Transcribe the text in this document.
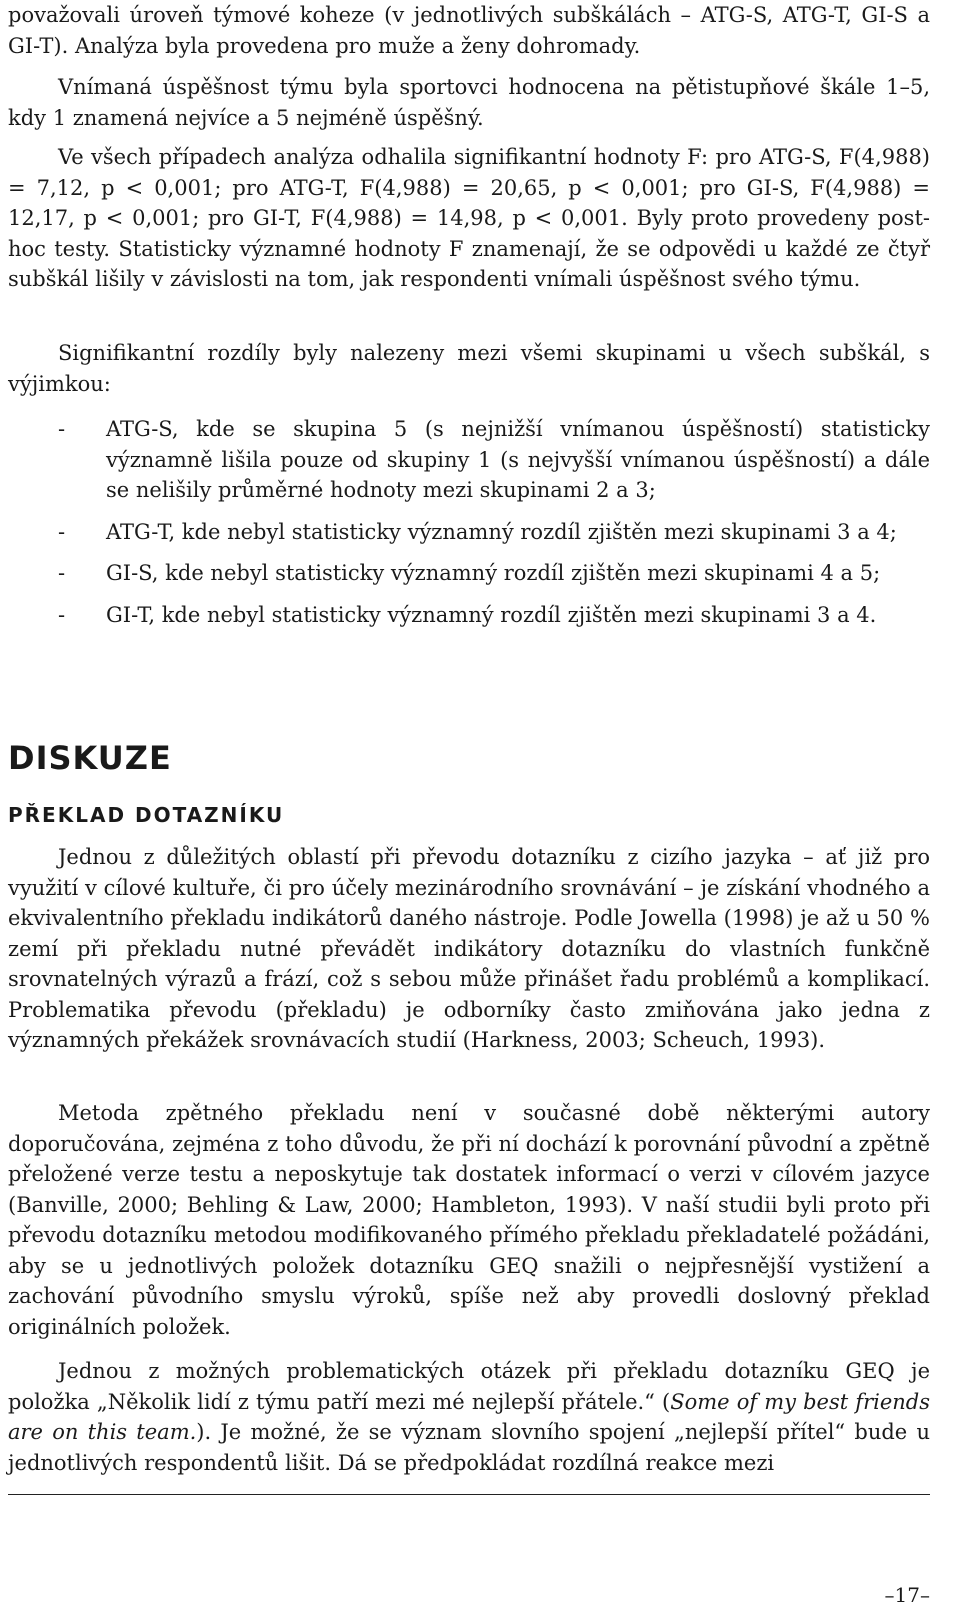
považovali úroveň týmové koheze (v jednotlivých subškálách – ATG-S, ATG-T, GI-S a GI-T). Analýza byla provedena pro muže a ženy dohromady.

Vnímaná úspěšnost týmu byla sportovci hodnocena na pětistupňové škále 1–5, kdy 1 znamená nejvíce a 5 nejméně úspěšný.

Ve všech případech analýza odhalila signifikantní hodnoty F: pro ATG-S, F(4,988) = 7,12, p < 0,001; pro ATG-T, F(4,988) = 20,65, p < 0,001; pro GI-S, F(4,988) = 12,17, p < 0,001; pro GI-T, F(4,988) = 14,98, p < 0,001. Byly proto provedeny post-hoc testy. Statisticky významné hodnoty F znamenají, že se odpovědi u každé ze čtyř subškál lišily v závislosti na tom, jak respondenti vnímali úspěšnost svého týmu.

Signifikantní rozdíly byly nalezeny mezi všemi skupinami u všech subškál, s výjimkou:

-	ATG-S, kde se skupina 5 (s nejnižší vnímanou úspěšností) statisticky významně lišila pouze od skupiny 1 (s nejvyšší vnímanou úspěšností) a dále se nelišily průměrné hodnoty mezi skupinami 2 a 3;
-	ATG-T, kde nebyl statisticky významný rozdíl zjištěn mezi skupinami 3 a 4;
-	GI-S, kde nebyl statisticky významný rozdíl zjištěn mezi skupinami 4 a 5;
-	GI-T, kde nebyl statisticky významný rozdíl zjištěn mezi skupinami 3 a 4.
DISKUZE
PŘEKLAD DOTAZNÍKU

Jednou z důležitých oblastí při převodu dotazníku z cizího jazyka – ať již pro využití v cílové kultuře, či pro účely mezinárodního srovnávání – je získání vhodného a ekvivalentního překladu indikátorů daného nástroje. Podle Jowella (1998) je až u 50 % zemí při překladu nutné převádět indikátory dotazníku do vlastních funkčně srovnatelných výrazů a frází, což s sebou může přinášet řadu problémů a komplikací. Problematika převodu (překladu) je odborníky často zmiňována jako jedna z významných překážek srovnávacích studií (Harkness, 2003; Scheuch, 1993).

Metoda zpětného překladu není v současné době některými autory doporučována, zejména z toho důvodu, že při ní dochází k porovnání původní a zpětně přeložené verze testu a neposkytuje tak dostatek informací o verzi v cílovém jazyce (Banville, 2000; Behling & Law, 2000; Hambleton, 1993). V naší studii byli proto při převodu dotazníku metodou modifikovaného přímého překladu překladatelé požádáni, aby se u jednotlivých položek dotazníku GEQ snažili o nejpřesnější vystižení a zachování původního smyslu výroků, spíše než aby provedli doslovný překlad originálních položek.

Jednou z možných problematických otázek při překladu dotazníku GEQ je položka „Několik lidí z týmu patří mezi mé nejlepší přátele.“ (Some of my best friends are on this team.). Je možné, že se význam slovního spojení „nejlepší přítel“ bude u jednotlivých respondentů lišit. Dá se předpokládat rozdílná reakce mezi

–17–
